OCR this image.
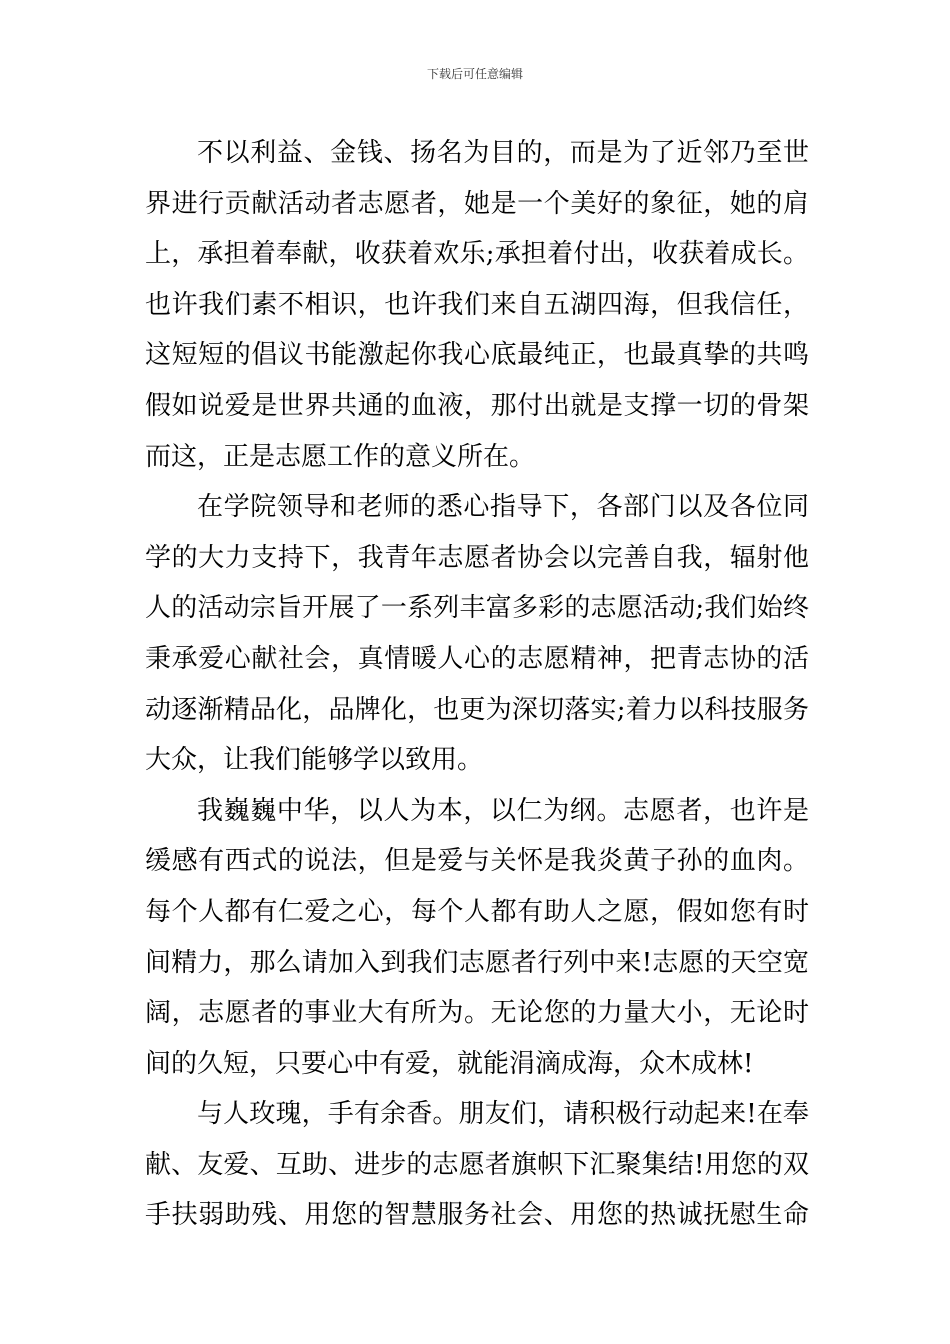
下载后可任意编辑
不以利益、金钱、扬名为目的，而是为了近邻乃至世
界进行贡献活动者志愿者，她是一个美好的象征，她的肩
上，承担着奉献，收获着欢乐;承担着付出，收获着成长。
也许我们素不相识，也许我们来自五湖四海，但我信任，
这短短的倡议书能激起你我心底最纯正，也最真挚的共鸣
假如说爱是世界共通的血液，那付出就是支撑一切的骨架
而这，正是志愿工作的意义所在。
在学院领导和老师的悉心指导下，各部门以及各位同
学的大力支持下，我青年志愿者协会以完善自我，辐射他
人的活动宗旨开展了一系列丰富多彩的志愿活动;我们始终
秉承爱心献社会，真情暖人心的志愿精神，把青志协的活
动逐渐精品化，品牌化，也更为深切落实;着力以科技服务
大众，让我们能够学以致用。
我巍巍中华，以人为本，以仁为纲。志愿者，也许是
缓感有西式的说法，但是爱与关怀是我炎黄子孙的血肉。
每个人都有仁爱之心，每个人都有助人之愿，假如您有时
间精力，那么请加入到我们志愿者行列中来!志愿的天空宽
阔，志愿者的事业大有所为。无论您的力量大小，无论时
间的久短，只要心中有爱，就能涓滴成海，众木成林!
与人玫瑰，手有余香。朋友们，请积极行动起来!在奉
献、友爱、互助、进步的志愿者旗帜下汇聚集结!用您的双
手扶弱助残、用您的智慧服务社会、用您的热诚抚慰生命
